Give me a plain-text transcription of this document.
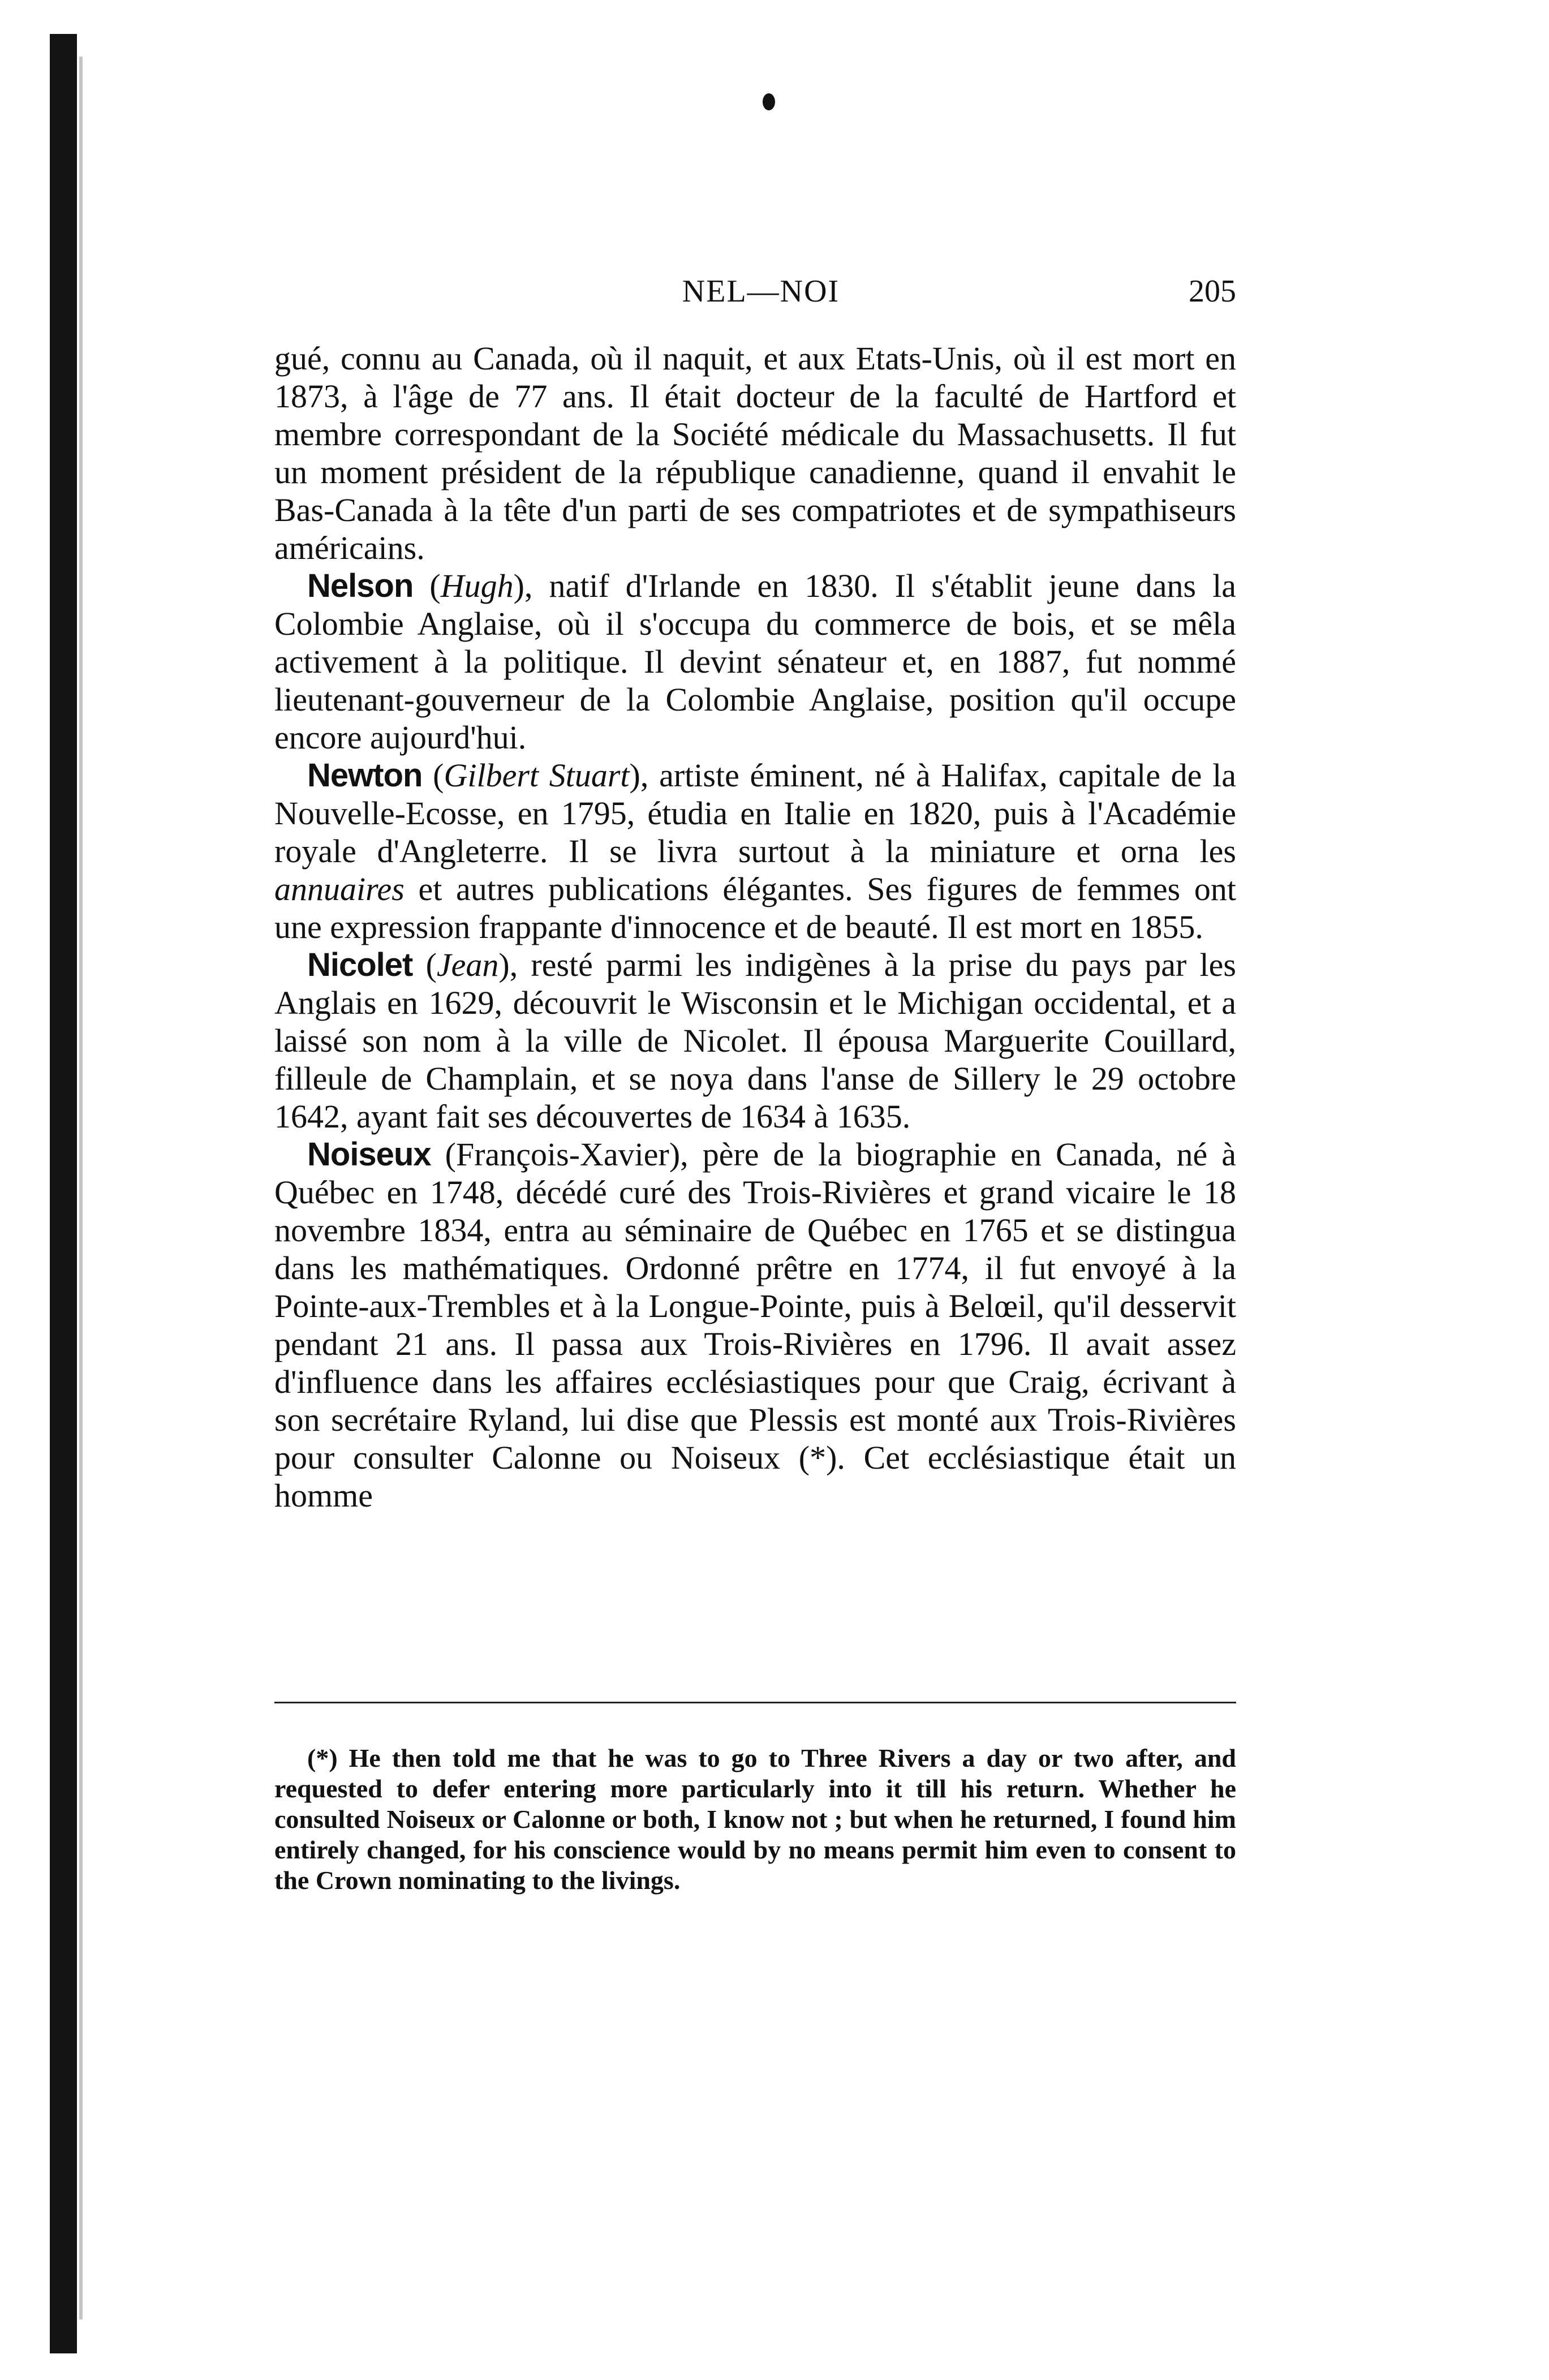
NEL—NOI	205

gué, connu au Canada, où il naquit, et aux Etats-Unis, où il est mort en 1873, à l'âge de 77 ans. Il était docteur de la faculté de Hartford et membre correspondant de la Société médicale du Massachusetts. Il fut un moment président de la république canadienne, quand il envahit le Bas-Canada à la tête d'un parti de ses compatriotes et de sympathiseurs américains.

Nelson (Hugh), natif d'Irlande en 1830. Il s'établit jeune dans la Colombie Anglaise, où il s'occupa du commerce de bois, et se mêla activement à la politique. Il devint sénateur et, en 1887, fut nommé lieutenant-gouverneur de la Colombie Anglaise, position qu'il occupe encore aujourd'hui.

Newton (Gilbert Stuart), artiste éminent, né à Halifax, capitale de la Nouvelle-Ecosse, en 1795, étudia en Italie en 1820, puis à l'Académie royale d'Angleterre. Il se livra surtout à la miniature et orna les annuaires et autres publications élégantes. Ses figures de femmes ont une expression frappante d'innocence et de beauté. Il est mort en 1855.

Nicolet (Jean), resté parmi les indigènes à la prise du pays par les Anglais en 1629, découvrit le Wisconsin et le Michigan occidental, et a laissé son nom à la ville de Nicolet. Il épousa Marguerite Couillard, filleule de Champlain, et se noya dans l'anse de Sillery le 29 octobre 1642, ayant fait ses découvertes de 1634 à 1635.

Noiseux (François-Xavier), père de la biographie en Canada, né à Québec en 1748, décédé curé des Trois-Rivières et grand vicaire le 18 novembre 1834, entra au séminaire de Québec en 1765 et se distingua dans les mathématiques. Ordonné prêtre en 1774, il fut envoyé à la Pointe-aux-Trembles et à la Longue-Pointe, puis à Belœil, qu'il desservit pendant 21 ans. Il passa aux Trois-Rivières en 1796. Il avait assez d'influence dans les affaires ecclésiastiques pour que Craig, écrivant à son secrétaire Ryland, lui dise que Plessis est monté aux Trois-Rivières pour consulter Calonne ou Noiseux (*). Cet ecclésiastique était un homme

(*) He then told me that he was to go to Three Rivers a day or two after, and requested to defer entering more particularly into it till his return. Whether he consulted Noiseux or Calonne or both, I know not ; but when he returned, I found him entirely changed, for his conscience would by no means permit him even to consent to the Crown nominating to the livings.
